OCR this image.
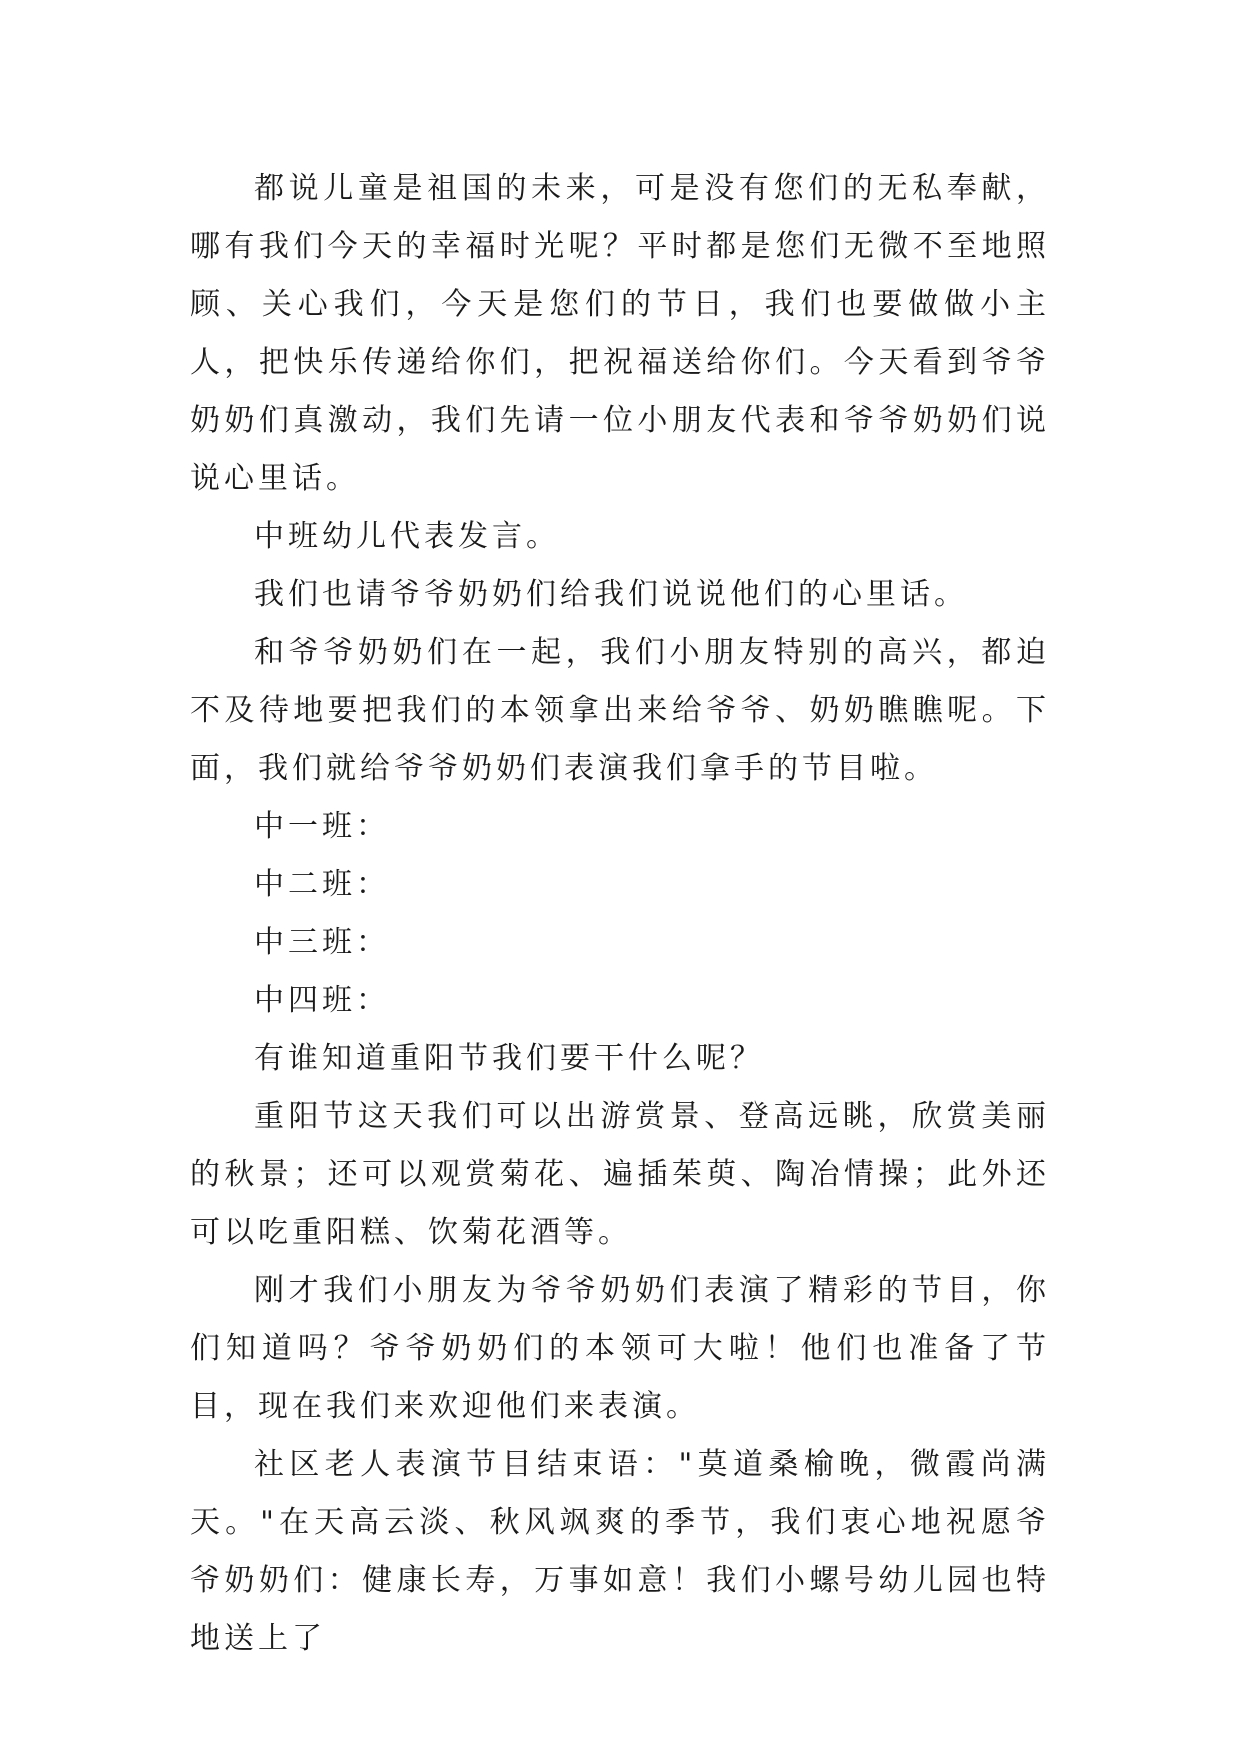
都说儿童是祖国的未来，可是没有您们的无私奉献，哪有我们今天的幸福时光呢？平时都是您们无微不至地照顾、关心我们，今天是您们的节日，我们也要做做小主人，把快乐传递给你们，把祝福送给你们。今天看到爷爷奶奶们真激动，我们先请一位小朋友代表和爷爷奶奶们说说心里话。

中班幼儿代表发言。

我们也请爷爷奶奶们给我们说说他们的心里话。

和爷爷奶奶们在一起，我们小朋友特别的高兴，都迫不及待地要把我们的本领拿出来给爷爷、奶奶瞧瞧呢。下面，我们就给爷爷奶奶们表演我们拿手的节目啦。

中一班：

中二班：

中三班：

中四班：

有谁知道重阳节我们要干什么呢？

重阳节这天我们可以出游赏景、登高远眺，欣赏美丽的秋景；还可以观赏菊花、遍插茱萸、陶冶情操；此外还可以吃重阳糕、饮菊花酒等。

刚才我们小朋友为爷爷奶奶们表演了精彩的节目，你们知道吗？爷爷奶奶们的本领可大啦！他们也准备了节目，现在我们来欢迎他们来表演。

社区老人表演节目结束语："莫道桑榆晚，微霞尚满天。"在天高云淡、秋风飒爽的季节，我们衷心地祝愿爷爷奶奶们：健康长寿，万事如意！我们小螺号幼儿园也特地送上了
